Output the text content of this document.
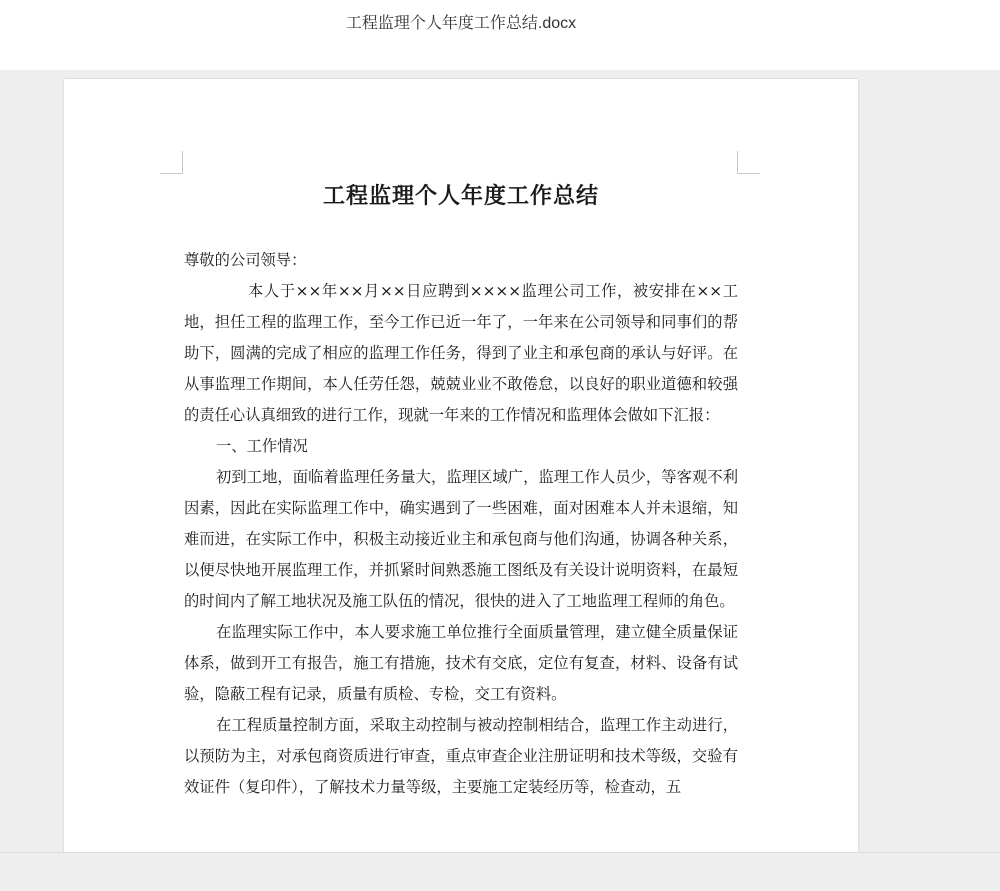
工程监理个人年度工作总结.docx
工程监理个人年度工作总结

尊敬的公司领导：

本人于××年××月××日应聘到××××监理公司工作，被安排在××工地，担任工程的监理工作，至今工作已近一年了，一年来在公司领导和同事们的帮助下，圆满的完成了相应的监理工作任务，得到了业主和承包商的承认与好评。在从事监理工作期间，本人任劳任怨，兢兢业业不敢倦怠，以良好的职业道德和较强的责任心认真细致的进行工作，现就一年来的工作情况和监理体会做如下汇报：

一、工作情况

初到工地，面临着监理任务量大，监理区域广，监理工作人员少，等客观不利因素，因此在实际监理工作中，确实遇到了一些困难，面对困难本人并未退缩，知难而进，在实际工作中，积极主动接近业主和承包商与他们沟通，协调各种关系，以便尽快地开展监理工作，并抓紧时间熟悉施工图纸及有关设计说明资料，在最短的时间内了解工地状况及施工队伍的情况，很快的进入了工地监理工程师的角色。

在监理实际工作中，本人要求施工单位推行全面质量管理，建立健全质量保证体系，做到开工有报告，施工有措施，技术有交底，定位有复查，材料、设备有试验，隐蔽工程有记录，质量有质检、专检，交工有资料。

在工程质量控制方面，采取主动控制与被动控制相结合，监理工作主动进行，以预防为主，对承包商资质进行审查，重点审查企业注册证明和技术等级，交验有效证件（复印件），了解技术力量等级，主要施工定装经历等，检查动，五
